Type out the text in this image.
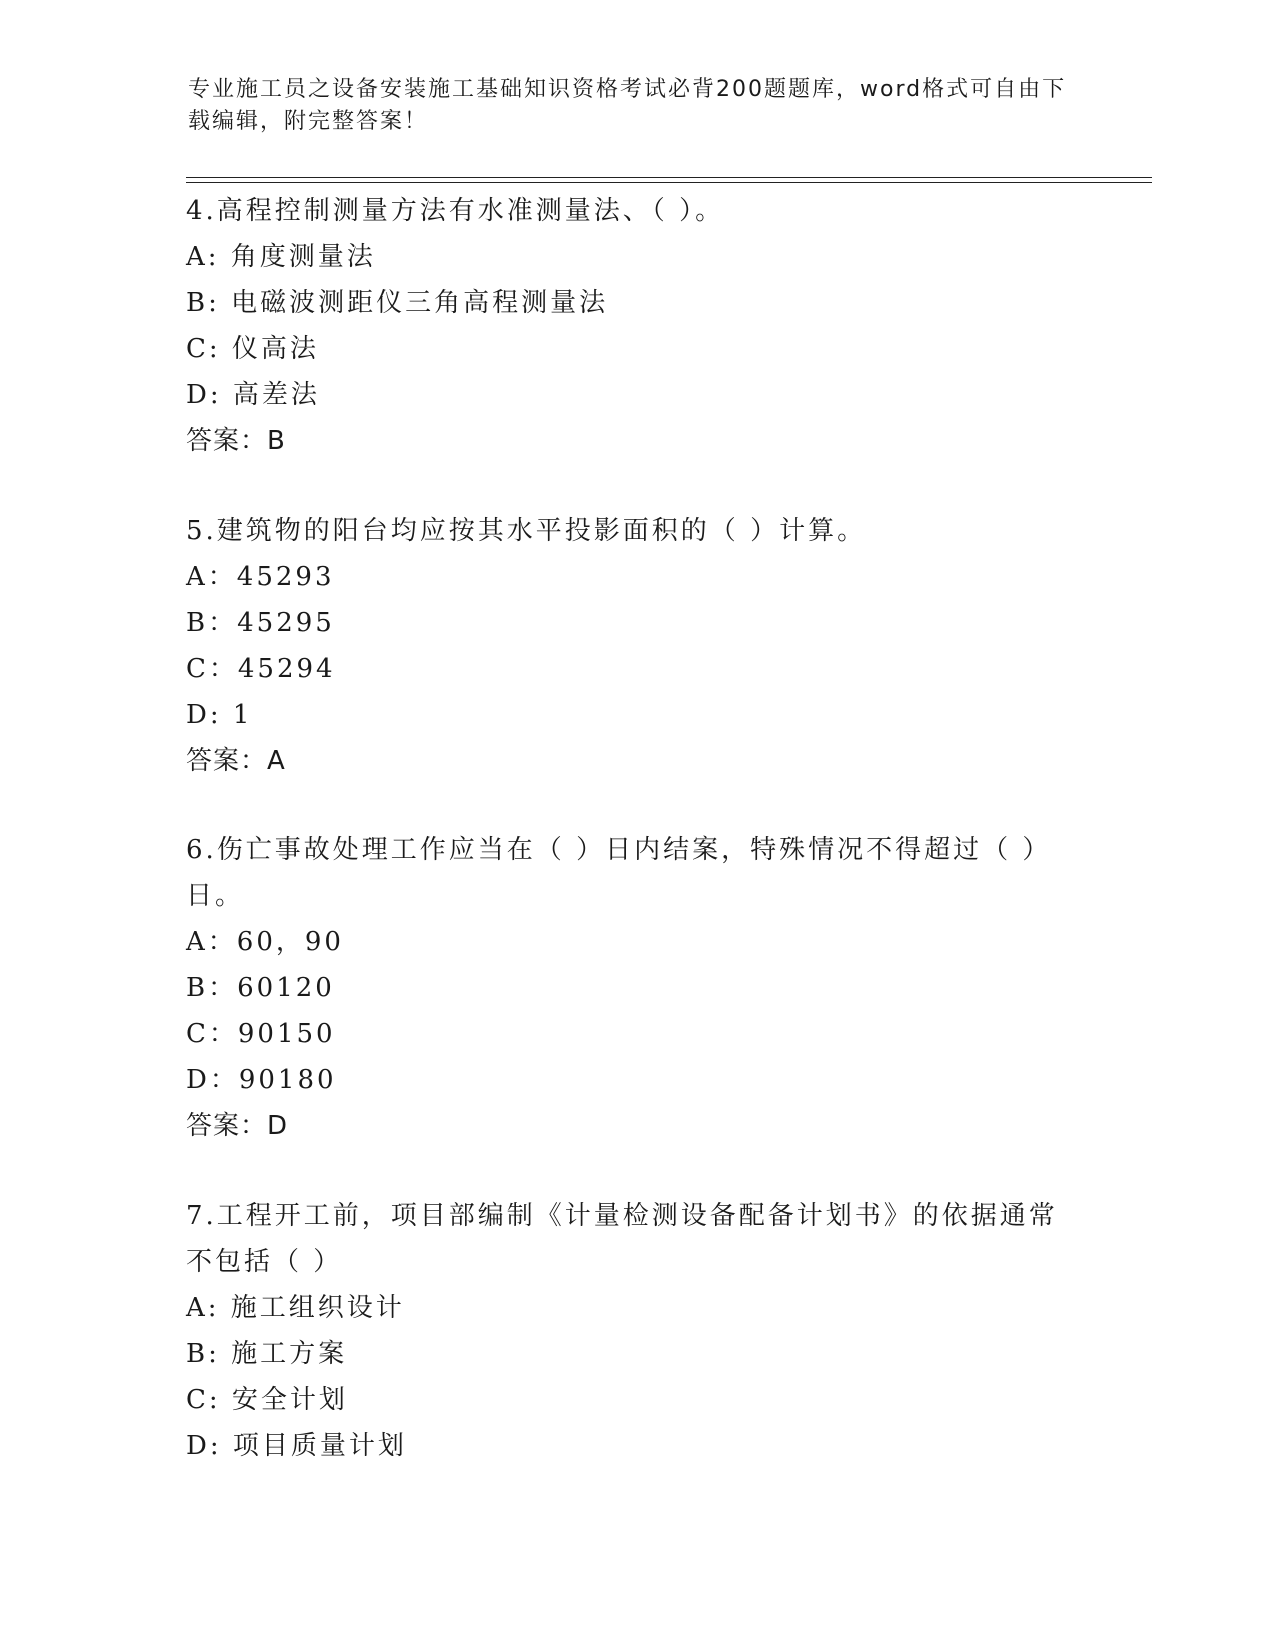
专业施工员之设备安装施工基础知识资格考试必背200题题库，word格式可自由下载编辑，附完整答案！

4.高程控制测量方法有水准测量法、（ ）。

A: 角度测量法

B: 电磁波测距仪三角高程测量法

C: 仪高法

D: 高差法

答案：B

5.建筑物的阳台均应按其水平投影面积的（ ）计算。

A：45293

B：45295

C：45294

D: 1

答案：A

6.伤亡事故处理工作应当在（ ）日内结案，特殊情况不得超过（ ）日。

A：60，90

B：60120

C：90150

D：90180

答案：D

7.工程开工前，项目部编制《计量检测设备配备计划书》的依据通常不包括（ ）

A: 施工组织设计

B: 施工方案

C: 安全计划

D: 项目质量计划
